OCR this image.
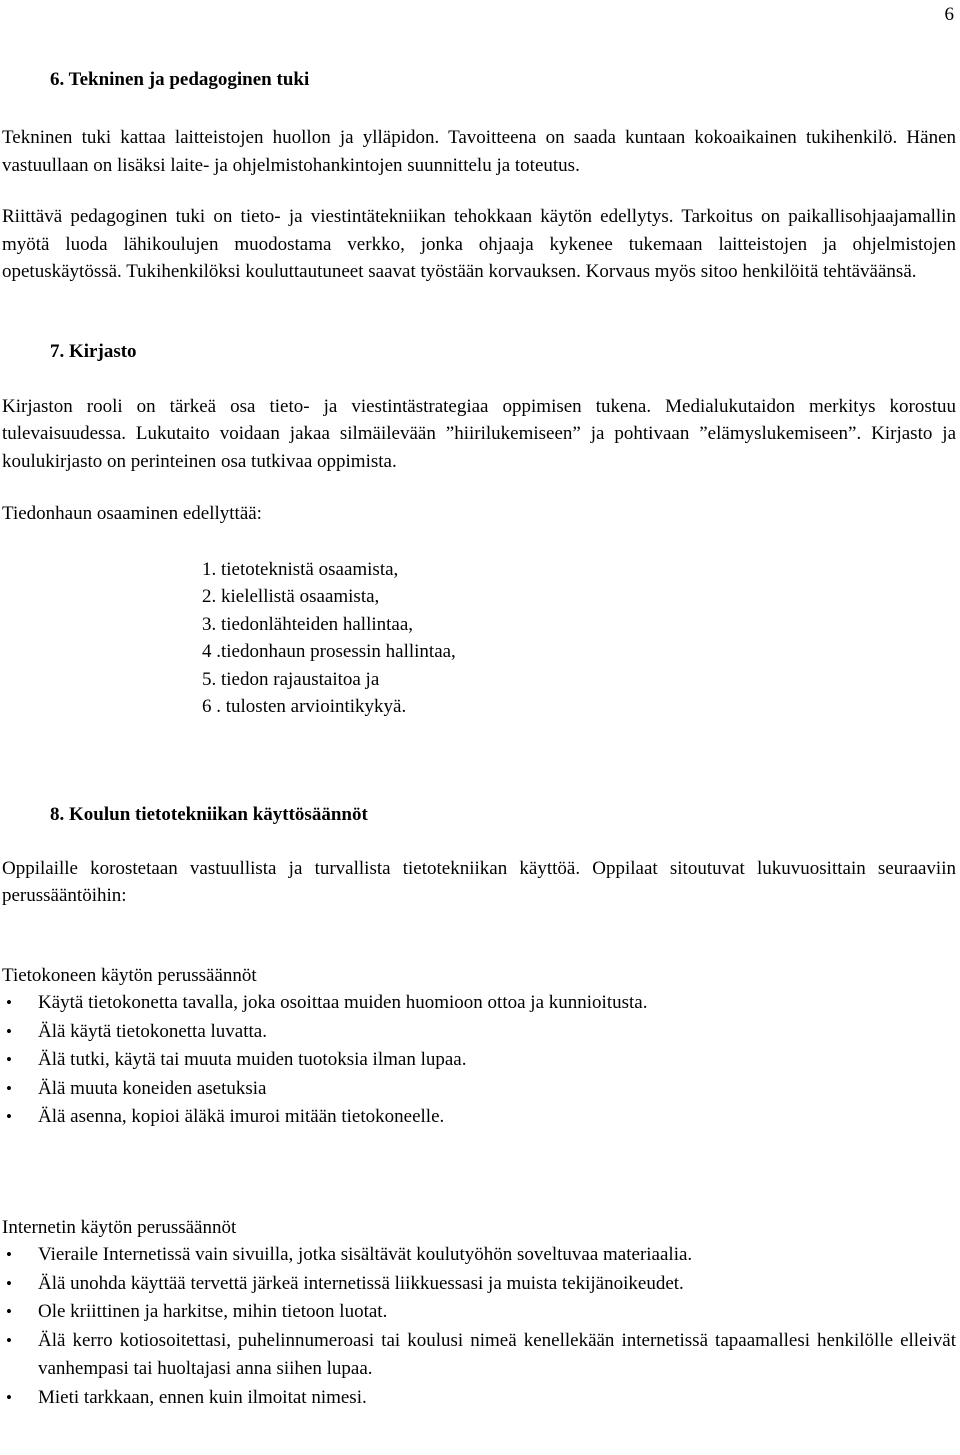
6
6. Tekninen ja pedagoginen tuki

Tekninen tuki kattaa laitteistojen huollon ja ylläpidon. Tavoitteena on saada kuntaan kokoaikainen tukihenkilö. Hänen vastuullaan on lisäksi laite- ja ohjelmistohankintojen suunnittelu ja toteutus.

Riittävä pedagoginen tuki on tieto- ja viestintätekniikan tehokkaan käytön edellytys. Tarkoitus on paikallisohjaajamallin myötä luoda lähikoulujen muodostama verkko, jonka ohjaaja kykenee tukemaan laitteistojen ja ohjelmistojen opetuskäytössä. Tukihenkilöksi kouluttautuneet saavat työstään korvauksen. Korvaus myös sitoo henkilöitä tehtäväänsä.

7. Kirjasto

Kirjaston rooli on tärkeä osa tieto- ja viestintästrategiaa oppimisen tukena. Medialukutaidon merkitys korostuu tulevaisuudessa. Lukutaito voidaan jakaa silmäilevään ”hiirilukemiseen” ja pohtivaan ”elämyslukemiseen”. Kirjasto ja koulukirjasto on perinteinen osa tutkivaa oppimista.

Tiedonhaun osaaminen edellyttää:

1. tietoteknistä osaamista,
2. kielellistä osaamista,
3. tiedonlähteiden hallintaa,
4 .tiedonhaun prosessin hallintaa,
5. tiedon rajaustaitoa ja
6 . tulosten arviointikykyä.
8. Koulun tietotekniikan käyttösäännöt

Oppilaille korostetaan vastuullista ja turvallista tietotekniikan käyttöä. Oppilaat sitoutuvat lukuvuosittain seuraaviin perussääntöihin:

Tietokoneen käytön perussäännöt

• Käytä tietokonetta tavalla, joka osoittaa muiden huomioon ottoa ja kunnioitusta.
• Älä käytä tietokonetta luvatta.
• Älä tutki, käytä tai muuta muiden tuotoksia ilman lupaa.
• Älä muuta koneiden asetuksia
• Älä asenna, kopioi äläkä imuroi mitään tietokoneelle.

Internetin käytön perussäännöt

• Vieraile Internetissä vain sivuilla, jotka sisältävät koulutyöhön soveltuvaa materiaalia.
• Älä unohda käyttää tervettä järkeä internetissä liikkuessasi ja muista tekijänoikeudet.
• Ole kriittinen ja harkitse, mihin tietoon luotat.
• Älä kerro kotiosoitettasi, puhelinnumeroasi tai koulusi nimeä kenellekään internetissä tapaamallesi henkilölle elleivät vanhempasi tai huoltajasi anna siihen lupaa.
• Mieti tarkkaan, ennen kuin ilmoitat nimesi.
